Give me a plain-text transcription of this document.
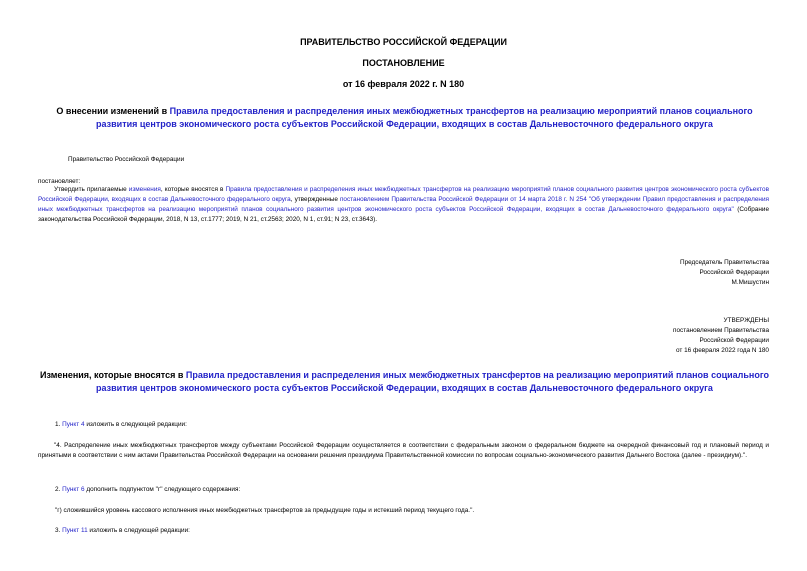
ПРАВИТЕЛЬСТВО РОССИЙСКОЙ ФЕДЕРАЦИИ
ПОСТАНОВЛЕНИЕ
от 16 февраля 2022 г. N 180
О внесении изменений в Правила предоставления и распределения иных межбюджетных трансфертов на реализацию мероприятий планов социального развития центров экономического роста субъектов Российской Федерации, входящих в состав Дальневосточного федерального округа
Правительство Российской Федерации
постановляет:
Утвердить прилагаемые изменения, которые вносятся в Правила предоставления и распределения иных межбюджетных трансфертов на реализацию мероприятий планов социального развития центров экономического роста субъектов Российской Федерации, входящих в состав Дальневосточного федерального округа, утвержденные постановлением Правительства Российской Федерации от 14 марта 2018 г. N 254 "Об утверждении Правил предоставления и распределения иных межбюджетных трансфертов на реализацию мероприятий планов социального развития центров экономического роста субъектов Российской Федерации, входящих в состав Дальневосточного федерального округа" (Собрание законодательства Российской Федерации, 2018, N 13, ст.1777; 2019, N 21, ст.2563; 2020, N 1, ст.91; N 23, ст.3643).
Председатель Правительства
Российской Федерации
М.Мишустин
УТВЕРЖДЕНЫ
постановлением Правительства
Российской Федерации
от 16 февраля 2022 года N 180
Изменения, которые вносятся в Правила предоставления и распределения иных межбюджетных трансфертов на реализацию мероприятий планов социального развития центров экономического роста субъектов Российской Федерации, входящих в состав Дальневосточного федерального округа
1. Пункт 4 изложить в следующей редакции:
"4. Распределение иных межбюджетных трансфертов между субъектами Российской Федерации осуществляется в соответствии с федеральным законом о федеральном бюджете на очередной финансовый год и плановый период и принятыми в соответствии с ним актами Правительства Российской Федерации на основании решения президиума Правительственной комиссии по вопросам социально-экономического развития Дальнего Востока (далее - президиум).".
2. Пункт 6 дополнить подпунктом "г" следующего содержания:
"г) сложившийся уровень кассового исполнения иных межбюджетных трансфертов за предыдущие годы и истекший период текущего года.".
3. Пункт 11 изложить в следующей редакции:
